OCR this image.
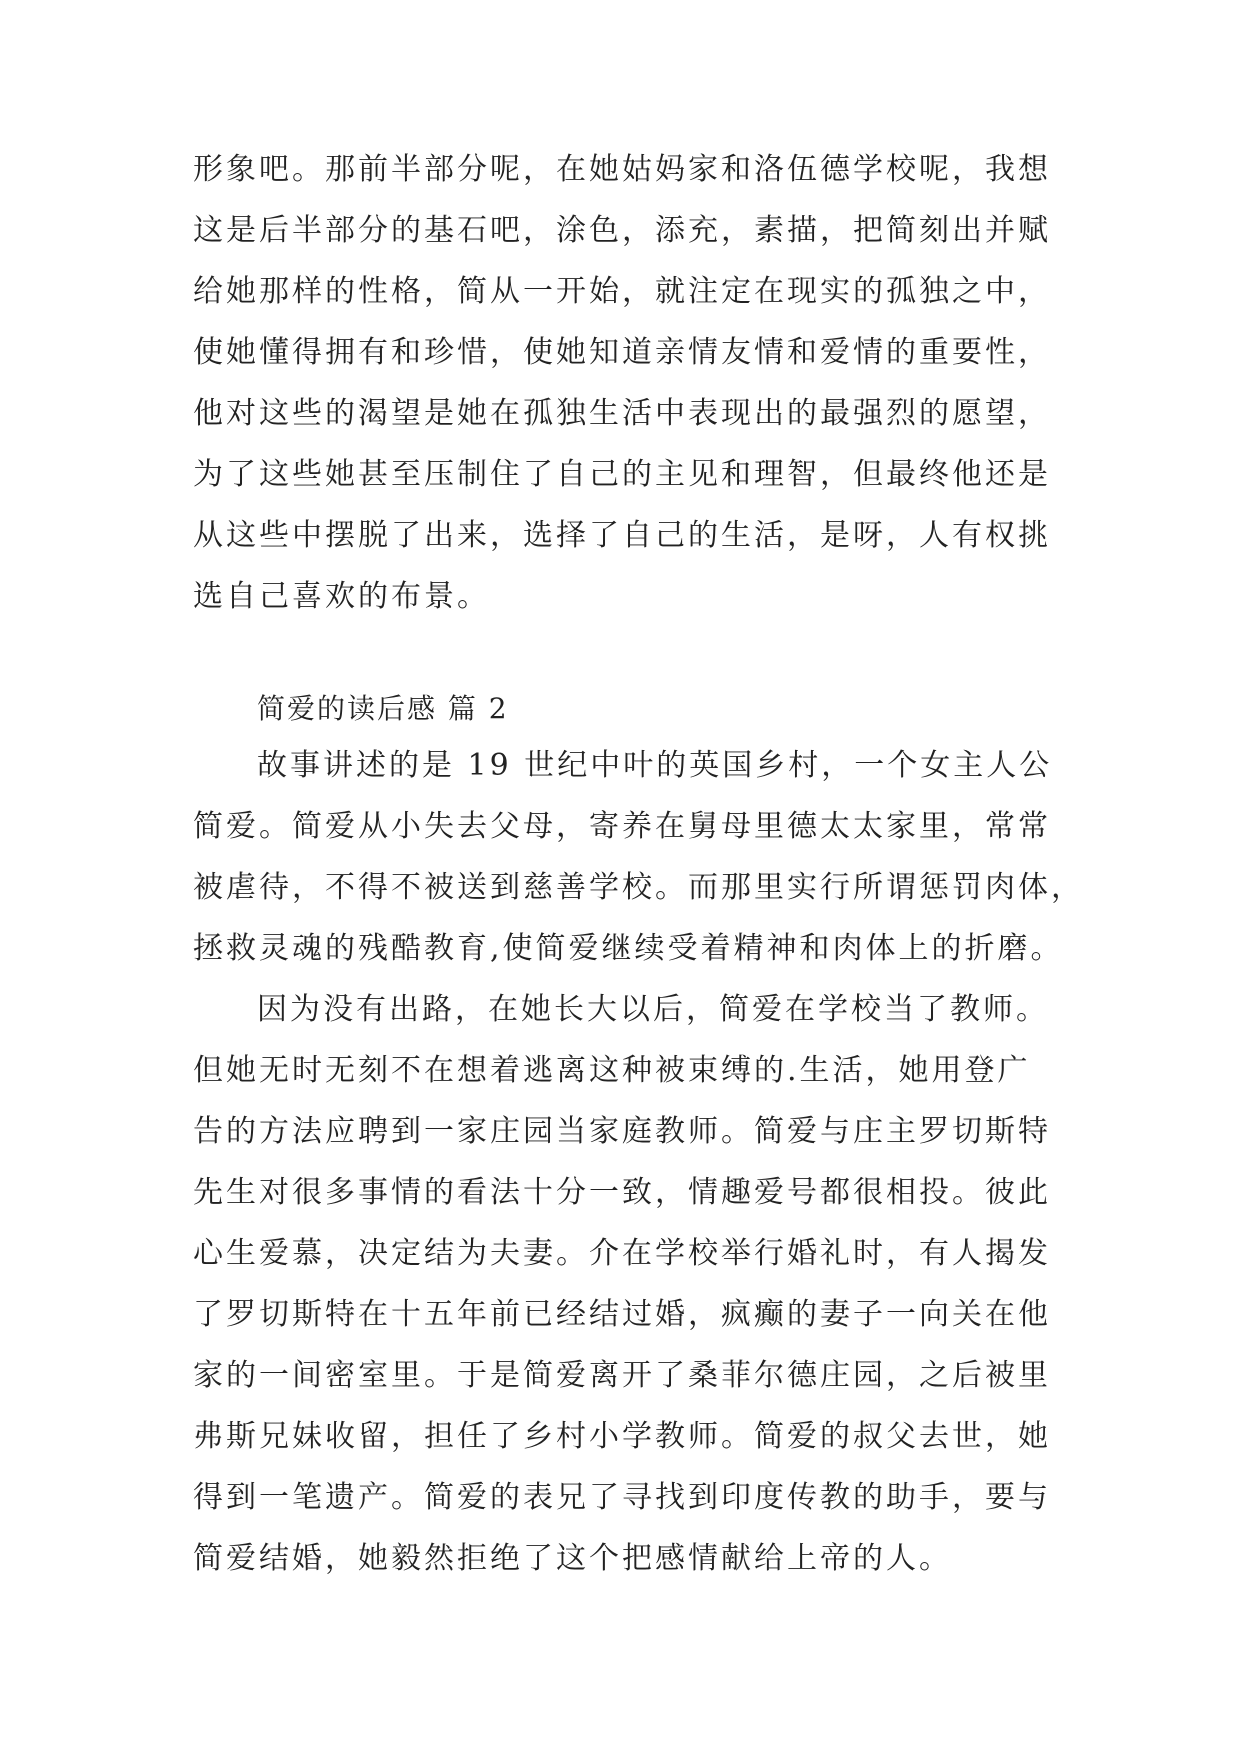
形象吧。那前半部分呢，在她姑妈家和洛伍德学校呢，我想
这是后半部分的基石吧，涂色，添充，素描，把简刻出并赋
给她那样的性格，简从一开始，就注定在现实的孤独之中，
使她懂得拥有和珍惜，使她知道亲情友情和爱情的重要性，
他对这些的渴望是她在孤独生活中表现出的最强烈的愿望，
为了这些她甚至压制住了自己的主见和理智，但最终他还是
从这些中摆脱了出来，选择了自己的生活，是呀，人有权挑
选自己喜欢的布景。
简爱的读后感 篇 2
故事讲述的是 19 世纪中叶的英国乡村，一个女主人公
简爱。简爱从小失去父母，寄养在舅母里德太太家里，常常
被虐待，不得不被送到慈善学校。而那里实行所谓惩罚肉体，
拯救灵魂的残酷教育,使简爱继续受着精神和肉体上的折磨。
因为没有出路，在她长大以后，简爱在学校当了教师。
但她无时无刻不在想着逃离这种被束缚的.生活，她用登广
告的方法应聘到一家庄园当家庭教师。简爱与庄主罗切斯特
先生对很多事情的看法十分一致，情趣爱号都很相投。彼此
心生爱慕，决定结为夫妻。介在学校举行婚礼时，有人揭发
了罗切斯特在十五年前已经结过婚，疯癫的妻子一向关在他
家的一间密室里。于是简爱离开了桑菲尔德庄园，之后被里
弗斯兄妹收留，担任了乡村小学教师。简爱的叔父去世，她
得到一笔遗产。简爱的表兄了寻找到印度传教的助手，要与
简爱结婚，她毅然拒绝了这个把感情献给上帝的人。
